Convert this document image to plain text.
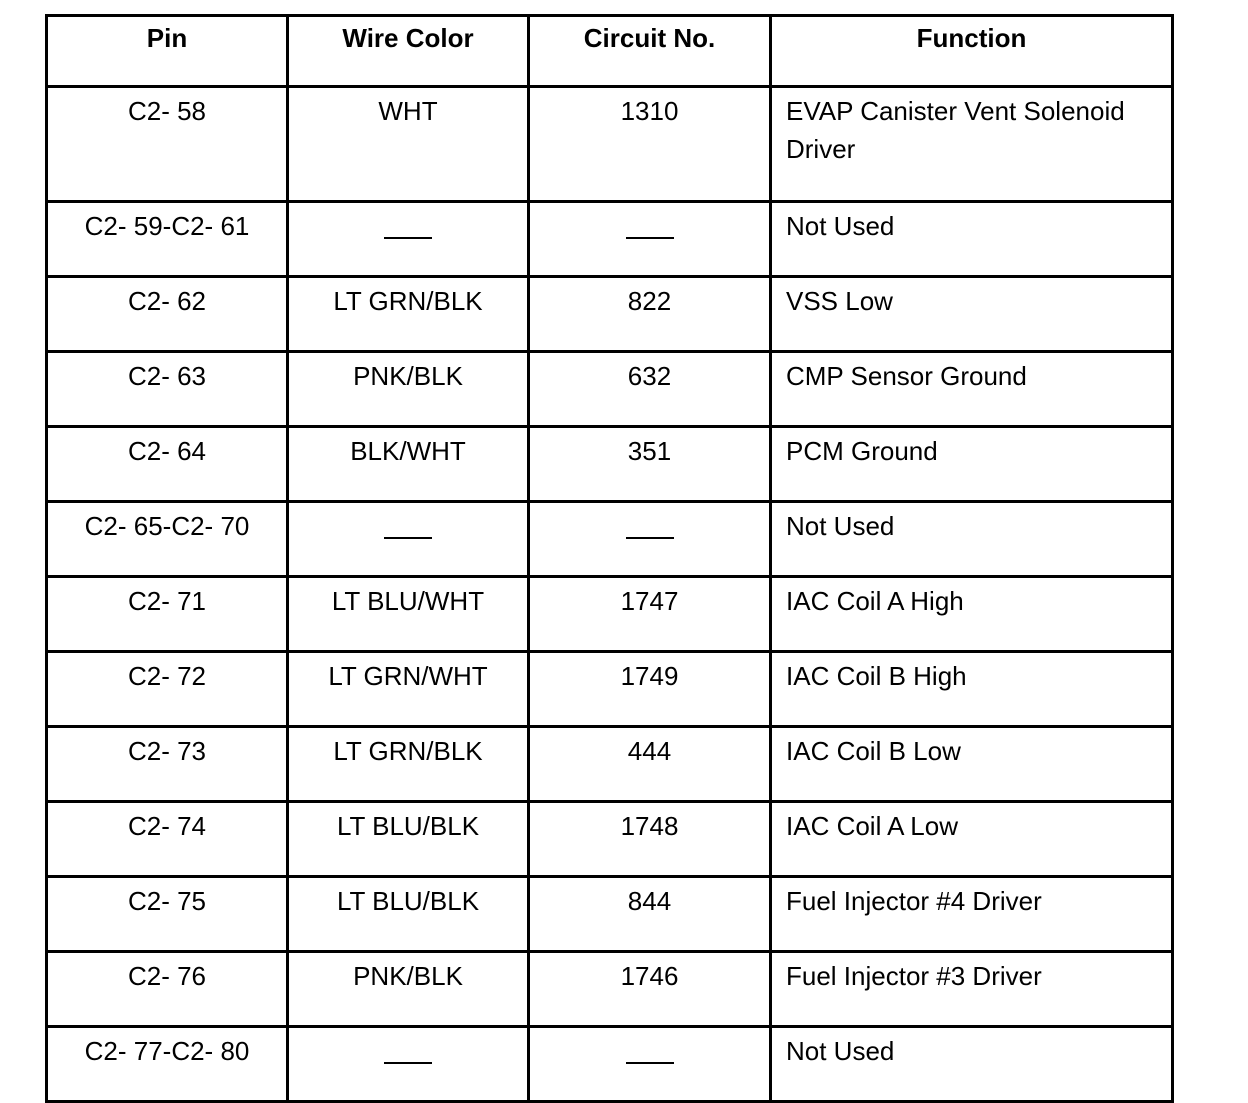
Pin	Wire Color	Circuit No.	Function
C2- 58	WHT	1310	EVAP Canister Vent Solenoid Driver
C2- 59-C2- 61			Not Used
C2- 62	LT GRN/BLK	822	VSS Low
C2- 63	PNK/BLK	632	CMP Sensor Ground
C2- 64	BLK/WHT	351	PCM Ground
C2- 65-C2- 70			Not Used
C2- 71	LT BLU/WHT	1747	IAC Coil A High
C2- 72	LT GRN/WHT	1749	IAC Coil B High
C2- 73	LT GRN/BLK	444	IAC Coil B Low
C2- 74	LT BLU/BLK	1748	IAC Coil A Low
C2- 75	LT BLU/BLK	844	Fuel Injector #4 Driver
C2- 76	PNK/BLK	1746	Fuel Injector #3 Driver
C2- 77-C2- 80			Not Used
